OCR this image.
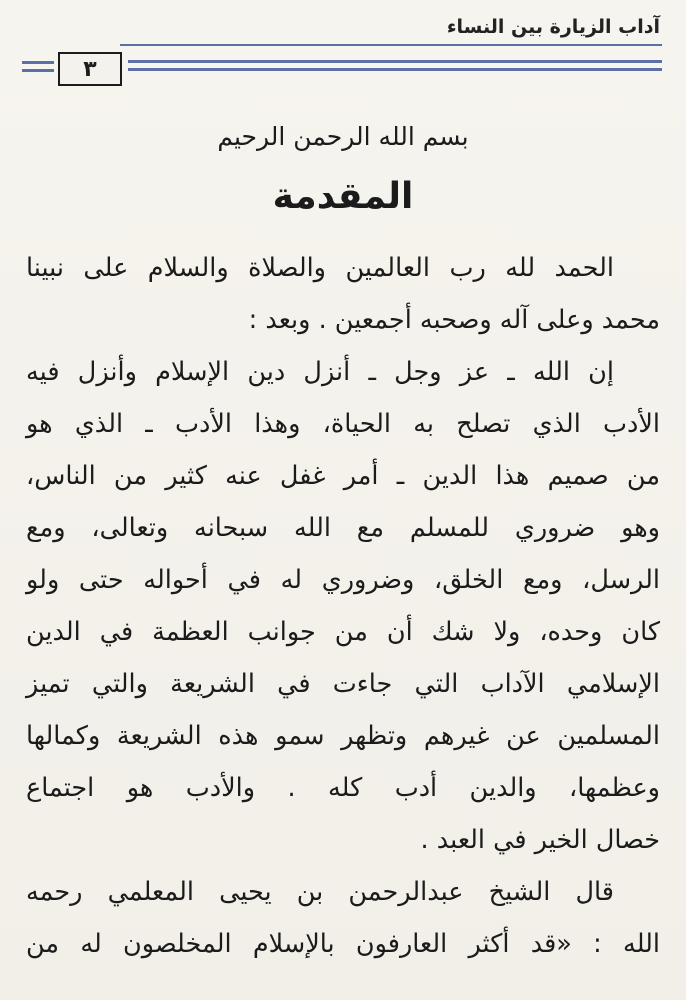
آداب الزيارة بين النساء
٣
بسم الله الرحمن الرحيم
المقدمة
الحمد لله رب العالمين والصلاة والسلام على نبينا
محمد وعلى آله وصحبه أجمعين . وبعد :
إن الله ـ عز وجل ـ أنزل دين الإسلام وأنزل فيه
الأدب الذي تصلح به الحياة، وهذا الأدب ـ الذي هو
من صميم هذا الدين ـ أمر غفل عنه كثير من الناس،
وهو ضروري للمسلم مع الله سبحانه وتعالى، ومع
الرسل، ومع الخلق، وضروري له في أحواله حتى ولو
كان وحده، ولا شك أن من جوانب العظمة في الدين
الإسلامي الآداب التي جاءت في الشريعة والتي تميز
المسلمين عن غيرهم وتظهر سمو هذه الشريعة وكمالها
وعظمها، والدين أدب كله . والأدب هو اجتماع
خصال الخير في العبد .
قال الشيخ عبدالرحمن بن يحيى المعلمي رحمه
الله : «قد أكثر العارفون بالإسلام المخلصون له من
